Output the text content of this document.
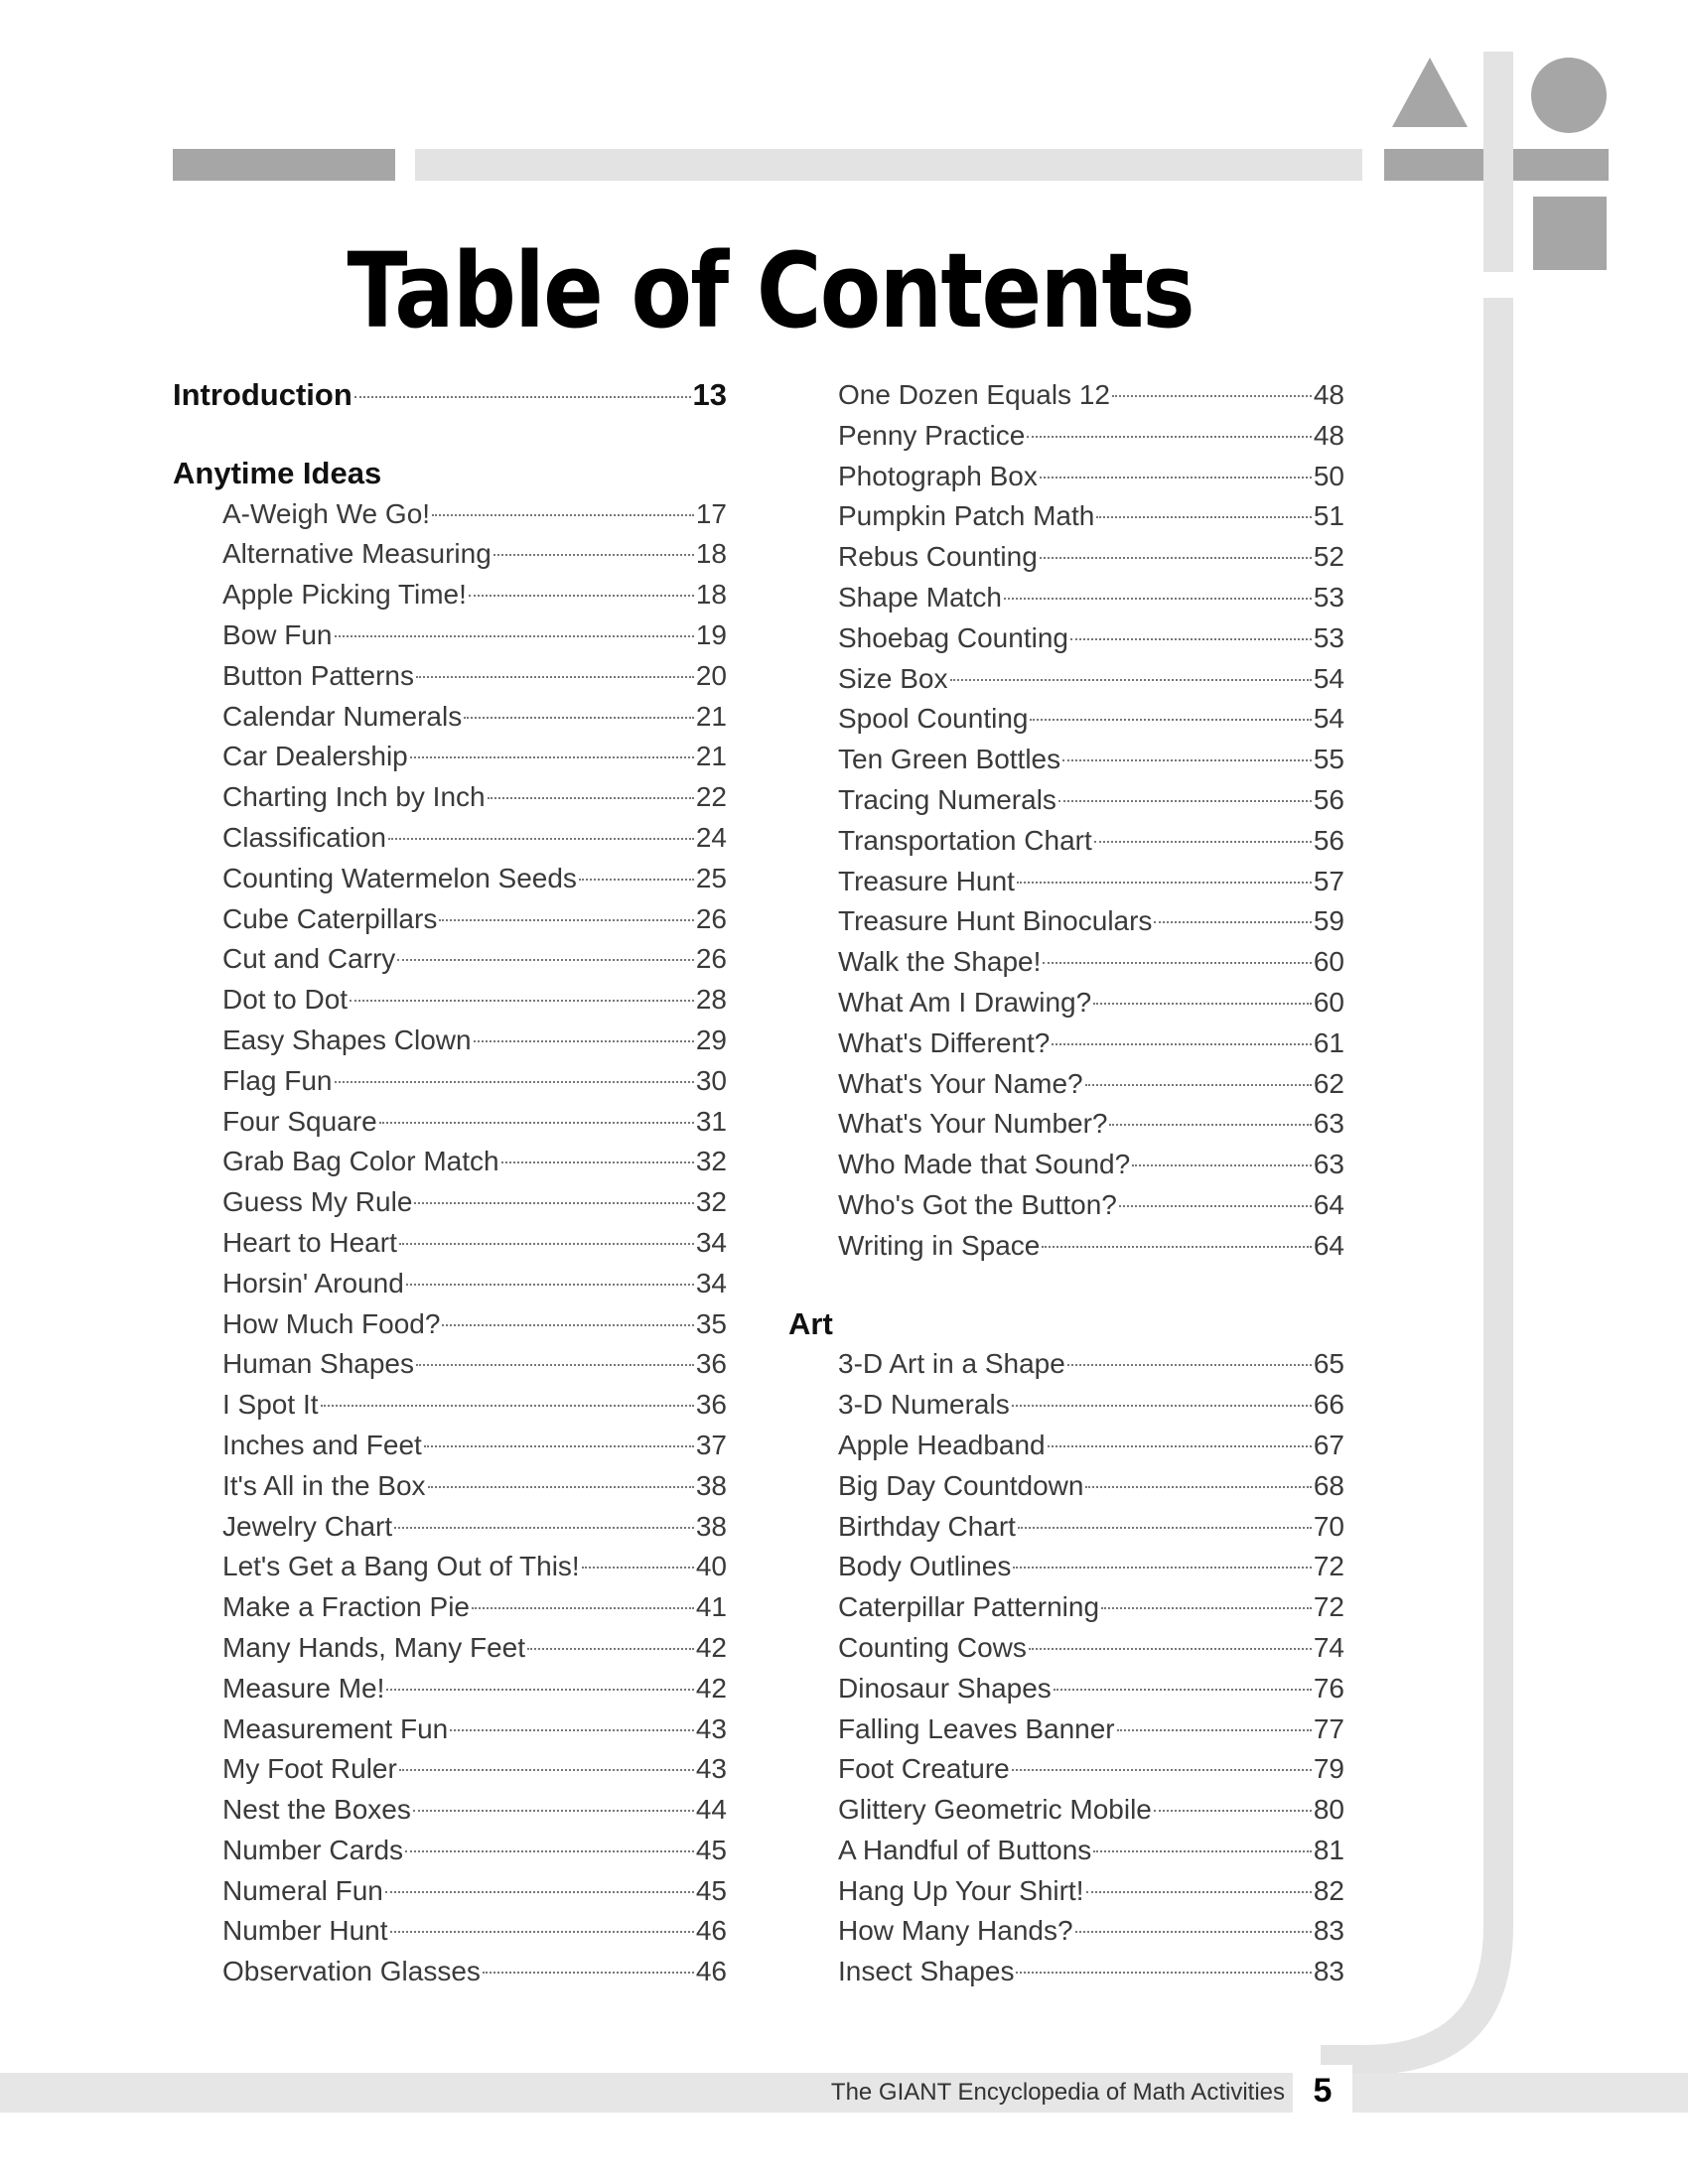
Table of Contents
Introduction	13
Anytime Ideas
A-Weigh We Go!	17
Alternative Measuring	18
Apple Picking Time!	18
Bow Fun	19
Button Patterns	20
Calendar Numerals	21
Car Dealership	21
Charting Inch by Inch	22
Classification	24
Counting Watermelon Seeds	25
Cube Caterpillars	26
Cut and Carry	26
Dot to Dot	28
Easy Shapes Clown	29
Flag Fun	30
Four Square	31
Grab Bag Color Match	32
Guess My Rule	32
Heart to Heart	34
Horsin' Around	34
How Much Food?	35
Human Shapes	36
I Spot It	36
Inches and Feet	37
It's All in the Box	38
Jewelry Chart	38
Let's Get a Bang Out of This!	40
Make a Fraction Pie	41
Many Hands, Many Feet	42
Measure Me!	42
Measurement Fun	43
My Foot Ruler	43
Nest the Boxes	44
Number Cards	45
Numeral Fun	45
Number Hunt	46
Observation Glasses	46
One Dozen Equals 12	48
Penny Practice	48
Photograph Box	50
Pumpkin Patch Math	51
Rebus Counting	52
Shape Match	53
Shoebag Counting	53
Size Box	54
Spool Counting	54
Ten Green Bottles	55
Tracing Numerals	56
Transportation Chart	56
Treasure Hunt	57
Treasure Hunt Binoculars	59
Walk the Shape!	60
What Am I Drawing?	60
What's Different?	61
What's Your Name?	62
What's Your Number?	63
Who Made that Sound?	63
Who's Got the Button?	64
Writing in Space	64
Art
3-D Art in a Shape	65
3-D Numerals	66
Apple Headband	67
Big Day Countdown	68
Birthday Chart	70
Body Outlines	72
Caterpillar Patterning	72
Counting Cows	74
Dinosaur Shapes	76
Falling Leaves Banner	77
Foot Creature	79
Glittery Geometric Mobile	80
A Handful of Buttons	81
Hang Up Your Shirt!	82
How Many Hands?	83
Insect Shapes	83
The GIANT Encyclopedia of Math Activities 5
